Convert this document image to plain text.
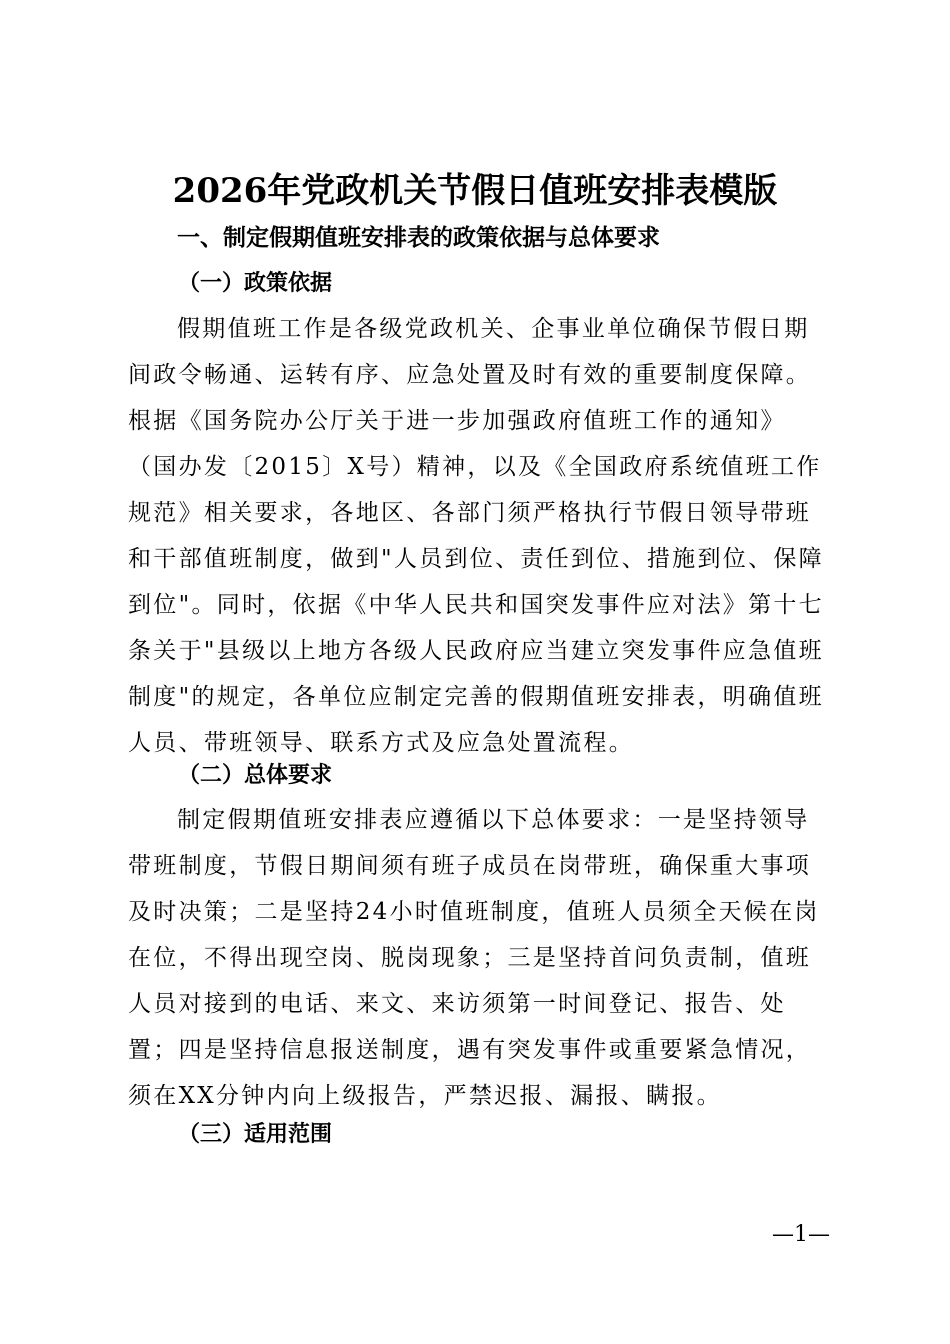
2026年党政机关节假日值班安排表模版
一、制定假期值班安排表的政策依据与总体要求
（一）政策依据
假期值班工作是各级党政机关、企事业单位确保节假日期
间政令畅通、运转有序、应急处置及时有效的重要制度保障。
根据《国务院办公厅关于进一步加强政府值班工作的通知》
（国办发〔2015〕X号）精神，以及《全国政府系统值班工作
规范》相关要求，各地区、各部门须严格执行节假日领导带班
和干部值班制度，做到"人员到位、责任到位、措施到位、保障
到位"。同时，依据《中华人民共和国突发事件应对法》第十七
条关于"县级以上地方各级人民政府应当建立突发事件应急值班
制度"的规定，各单位应制定完善的假期值班安排表，明确值班
人员、带班领导、联系方式及应急处置流程。
（二）总体要求
制定假期值班安排表应遵循以下总体要求：一是坚持领导
带班制度，节假日期间须有班子成员在岗带班，确保重大事项
及时决策；二是坚持24小时值班制度，值班人员须全天候在岗
在位，不得出现空岗、脱岗现象；三是坚持首问负责制，值班
人员对接到的电话、来文、来访须第一时间登记、报告、处
置；四是坚持信息报送制度，遇有突发事件或重要紧急情况，
须在XX分钟内向上级报告，严禁迟报、漏报、瞒报。
（三）适用范围
—1—
